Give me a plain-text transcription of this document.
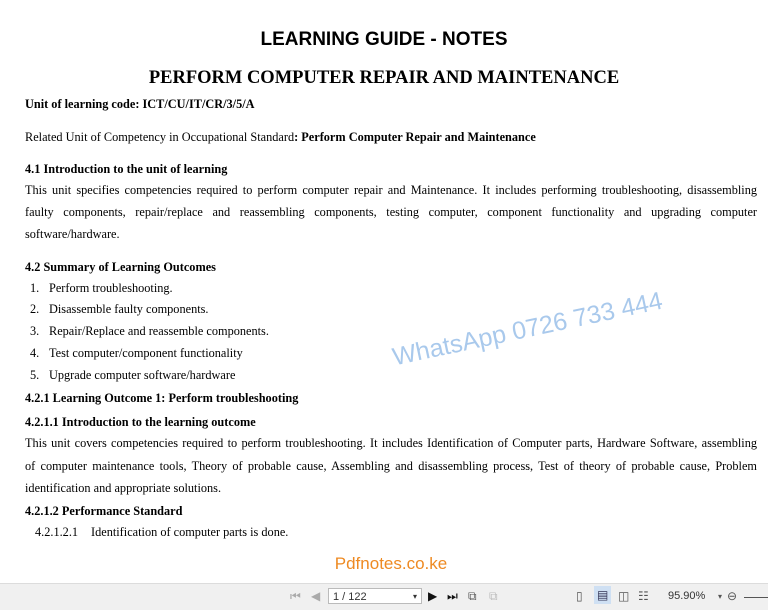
LEARNING GUIDE - NOTES
PERFORM COMPUTER REPAIR AND MAINTENANCE
Unit of learning code: ICT/CU/IT/CR/3/5/A
Related Unit of Competency in Occupational Standard: Perform Computer Repair and Maintenance
4.1 Introduction to the unit of learning
This unit specifies competencies required to perform computer repair and Maintenance. It includes performing troubleshooting, disassembling
faulty components, repair/replace and reassembling components, testing computer, component functionality and upgrading computer
software/hardware.
4.2 Summary of Learning Outcomes
1. Perform troubleshooting.
2. Disassemble faulty components.
3. Repair/Replace and reassemble components.
4. Test computer/component functionality
5. Upgrade computer software/hardware
4.2.1 Learning Outcome 1: Perform troubleshooting
4.2.1.1 Introduction to the learning outcome
This unit covers competencies required to perform troubleshooting. It includes Identification of Computer parts, Hardware Software, assembling
of computer maintenance tools, Theory of probable cause, Assembling and disassembling process, Test of theory of probable cause, Problem
identification and appropriate solutions.
4.2.1.2 Performance Standard
4.2.1.2.1 Identification of computer parts is done.
WhatsApp 0726 733 444
Pdfnotes.co.ke
⏮ ◀	1 / 122	▾ ▶ ⏭ ⧉ ⧉	▯ ▤ ◫ ☷ 95.90% ▾ ⊖
